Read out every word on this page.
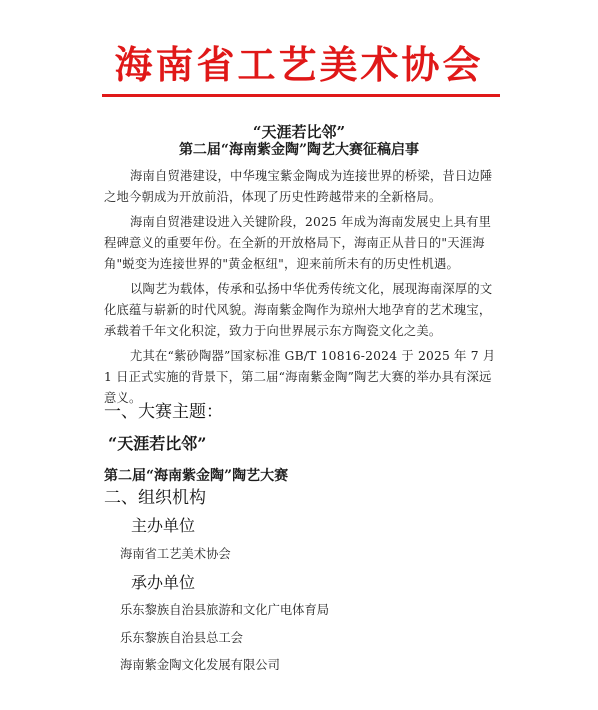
海南省工艺美术协会
“天涯若比邻”
第二届“海南紫金陶”陶艺大赛征稿启事

海南自贸港建设，中华瑰宝紫金陶成为连接世界的桥梁，昔日边陲之地今朝成为开放前沿，体现了历史性跨越带来的全新格局。

海南自贸港建设进入关键阶段，2025 年成为海南发展史上具有里程碑意义的重要年份。在全新的开放格局下，海南正从昔日的"天涯海角"蜕变为连接世界的"黄金枢纽"，迎来前所未有的历史性机遇。

以陶艺为载体，传承和弘扬中华优秀传统文化，展现海南深厚的文化底蕴与崭新的时代风貌。海南紫金陶作为琼州大地孕育的艺术瑰宝，承载着千年文化积淀，致力于向世界展示东方陶瓷文化之美。

尤其在“紫砂陶器”国家标准 GB/T 10816-2024 于 2025 年 7 月 1 日正式实施的背景下，第二届“海南紫金陶”陶艺大赛的举办具有深远意义。

一、大赛主题：
“天涯若比邻”
第二届“海南紫金陶”陶艺大赛
二、组织机构
主办单位
海南省工艺美术协会
承办单位
乐东黎族自治县旅游和文化广电体育局
乐东黎族自治县总工会
海南紫金陶文化发展有限公司
